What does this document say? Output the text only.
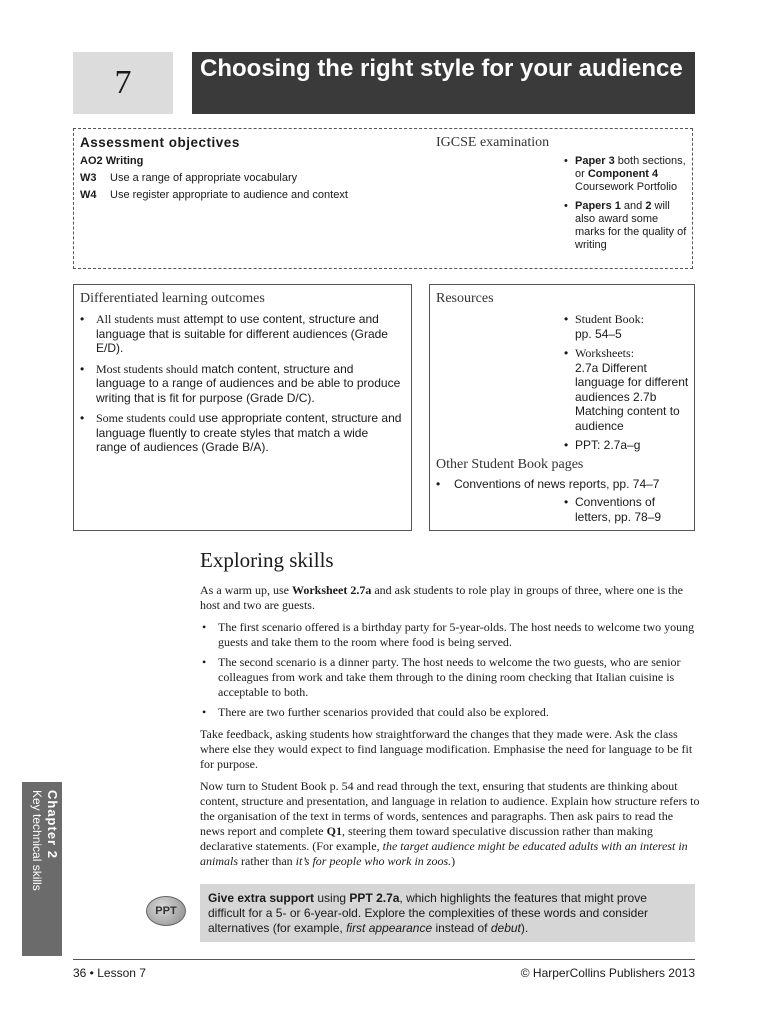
7	Choosing the right style for your audience
Assessment objectives
AO2 Writing
W3 Use a range of appropriate vocabulary
W4 Use register appropriate to audience and context
IGCSE examination
• Paper 3 both sections, or Component 4 Coursework Portfolio
• Papers 1 and 2 will also award some marks for the quality of writing
Differentiated learning outcomes
• All students must attempt to use content, structure and language that is suitable for different audiences (Grade E/D).
• Most students should match content, structure and language to a range of audiences and be able to produce writing that is fit for purpose (Grade D/C).
• Some students could use appropriate content, structure and language fluently to create styles that match a wide range of audiences (Grade B/A).
Resources
• Student Book:
pp. 54–5
• Worksheets:
2.7a Different language for different audiences 2.7b Matching content to audience
• PPT: 2.7a–g
Other Student Book pages
• Conventions of news reports, pp. 74–7
• Conventions of letters, pp. 78–9
Exploring skills

As a warm up, use Worksheet 2.7a and ask students to role play in groups of three, where one is the host and two are guests.

• The first scenario offered is a birthday party for 5-year-olds. The host needs to welcome two young guests and take them to the room where food is being served.
• The second scenario is a dinner party. The host needs to welcome the two guests, who are senior colleagues from work and take them through to the dining room checking that Italian cuisine is acceptable to both.
• There are two further scenarios provided that could also be explored.

Take feedback, asking students how straightforward the changes that they made were. Ask the class where else they would expect to find language modification. Emphasise the need for language to be fit for purpose.

Now turn to Student Book p. 54 and read through the text, ensuring that students are thinking about content, structure and presentation, and language in relation to audience. Explain how structure refers to the organisation of the text in terms of words, sentences and paragraphs. Then ask pairs to read the news report and complete Q1, steering them toward speculative discussion rather than making declarative statements. (For example, the target audience might be educated adults with an interest in animals rather than it’s for people who work in zoos.)

PPT
Give extra support using PPT 2.7a, which highlights the features that might prove difficult for a 5- or 6-year-old. Explore the complexities of these words and consider alternatives (for example, first appearance instead of debut).
Chapter 2
Key technical skills
36 • Lesson 7	© HarperCollins Publishers 2013
